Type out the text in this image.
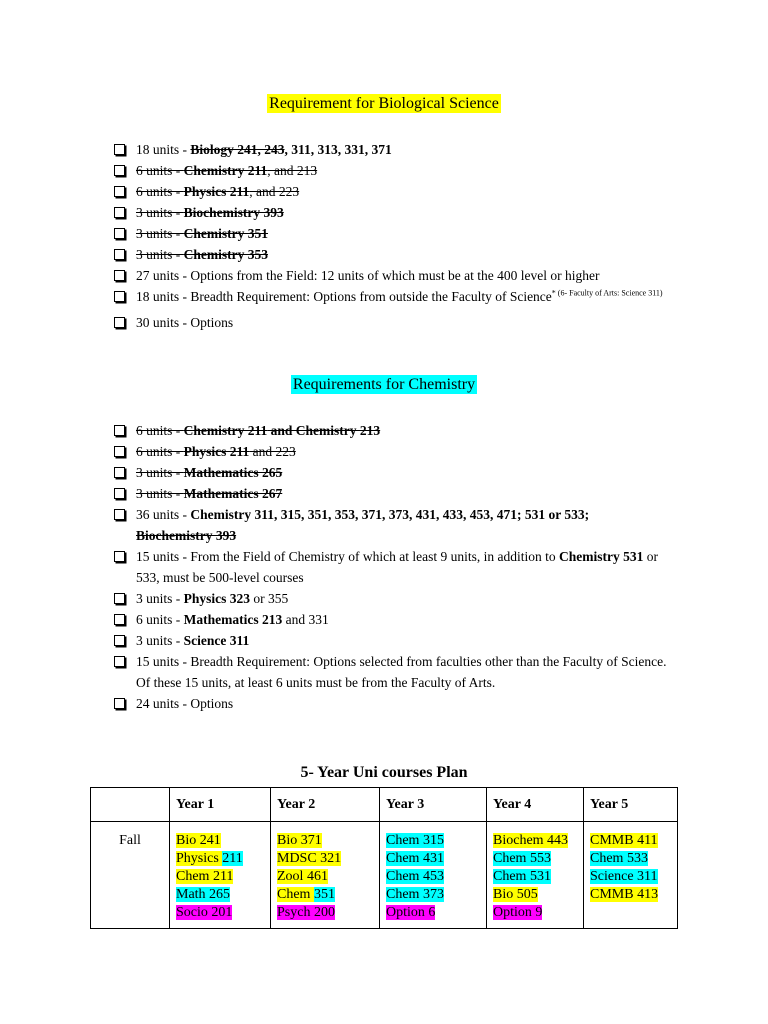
Requirement for Biological Science
18 units - Biology 241, 243, 311, 313, 331, 371
6 units - Chemistry 211, and 213
6 units - Physics 211, and 223
3 units - Biochemistry 393
3 units - Chemistry 351
3 units - Chemistry 353
27 units - Options from the Field: 12 units of which must be at the 400 level or higher
18 units - Breadth Requirement: Options from outside the Faculty of Science$^{* (6- Faculty of Arts: Science 311)}$
30 units - Options
Requirements for Chemistry
6 units - Chemistry 211 and Chemistry 213
6 units - Physics 211 and 223
3 units - Mathematics 265
3 units - Mathematics 267
36 units - Chemistry 311, 315, 351, 353, 371, 373, 431, 433, 453, 471; 531 or 533;
Biochemistry 393
15 units - From the Field of Chemistry of which at least 9 units, in addition to Chemistry 531 or 533, must be 500-level courses
3 units - Physics 323 or 355
6 units - Mathematics 213 and 331
3 units - Science 311
15 units - Breadth Requirement: Options selected from faculties other than the Faculty of Science. Of these 15 units, at least 6 units must be from the Faculty of Arts.
24 units - Options
5- Year Uni courses Plan
	Year 1	Year 2	Year 3	Year 4	Year 5
Fall	Bio 241
Physics 211
Chem 211
Math 265
Socio 201	Bio 371
MDSC 321
Zool 461
Chem 351
Psych 200	Chem 315
Chem 431
Chem 453
Chem 373
Option 6	Biochem 443
Chem 553
Chem 531
Bio 505
Option 9	CMMB 411
Chem 533
Science 311
CMMB 413
